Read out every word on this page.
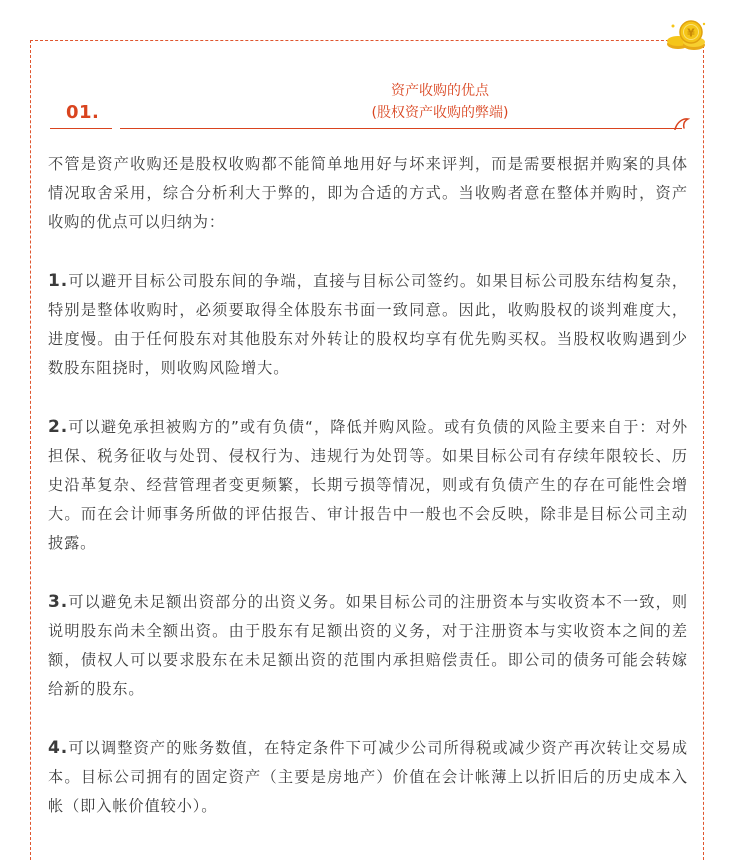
¥
资产收购的优点
(股权资产收购的弊端)
01.

不管是资产收购还是股权收购都不能简单地用好与坏来评判，而是需要根据并购案的具体情况取舍采用，综合分析利大于弊的，即为合适的方式。当收购者意在整体并购时，资产收购的优点可以归纳为：

1.可以避开目标公司股东间的争端，直接与目标公司签约。如果目标公司股东结构复杂，特别是整体收购时，必须要取得全体股东书面一致同意。因此，收购股权的谈判难度大，进度慢。由于任何股东对其他股东对外转让的股权均享有优先购买权。当股权收购遇到少数股东阻挠时，则收购风险增大。

2.可以避免承担被购方的”或有负债“，降低并购风险。或有负债的风险主要来自于：对外担保、税务征收与处罚、侵权行为、违规行为处罚等。如果目标公司有存续年限较长、历史沿革复杂、经营管理者变更频繁，长期亏损等情况，则或有负债产生的存在可能性会增大。而在会计师事务所做的评估报告、审计报告中一般也不会反映，除非是目标公司主动披露。

3.可以避免未足额出资部分的出资义务。如果目标公司的注册资本与实收资本不一致，则说明股东尚未全额出资。由于股东有足额出资的义务，对于注册资本与实收资本之间的差额，债权人可以要求股东在未足额出资的范围内承担赔偿责任。即公司的债务可能会转嫁给新的股东。

4.可以调整资产的账务数值，在特定条件下可减少公司所得税或减少资产再次转让交易成本。目标公司拥有的固定资产（主要是房地产）价值在会计帐薄上以折旧后的历史成本入帐（即入帐价值较小）。
